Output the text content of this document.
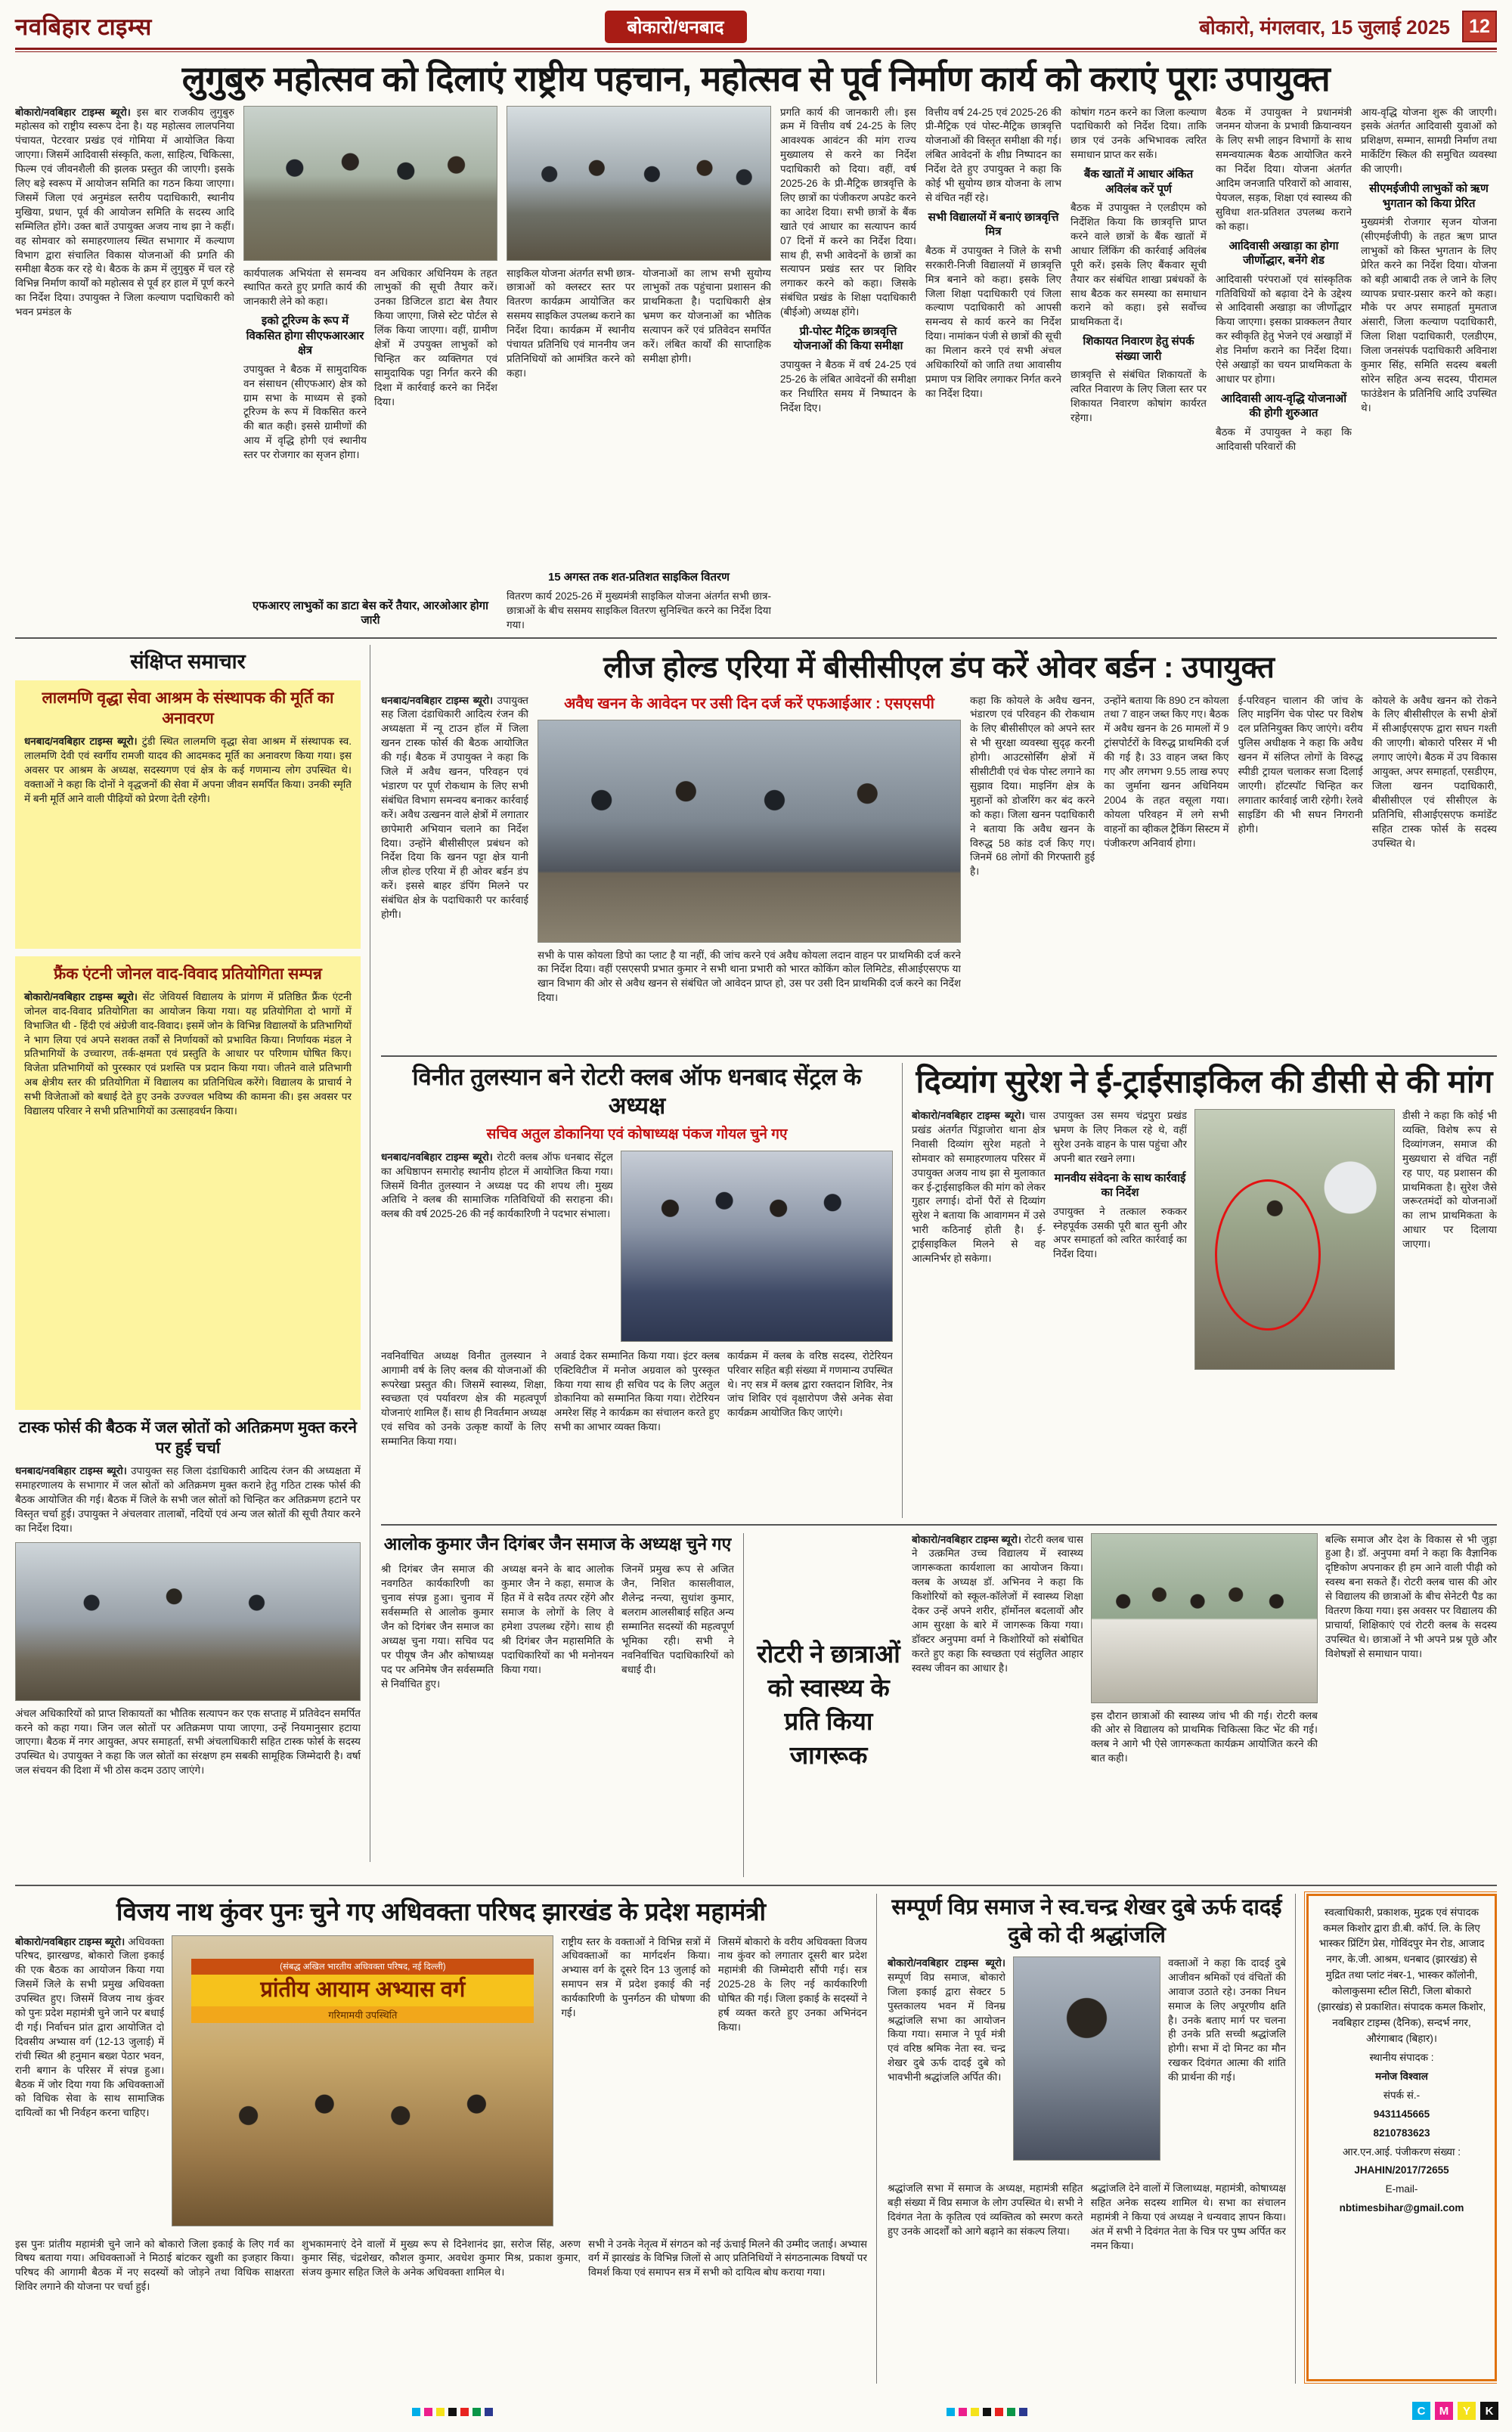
नवबिहार टाइम्स	बोकारो/धनबाद	बोकारो, मंगलवार, 15 जुलाई 2025	12
लुगुबुरु महोत्सव को दिलाएं राष्ट्रीय पहचान, महोत्सव से पूर्व निर्माण कार्य को कराएं पूराः उपायुक्त
बोकारो/नवबिहार टाइम्स ब्यूरो। इस बार राजकीय लुगुबुरु महोत्सव को राष्ट्रीय स्वरूप देना है। यह महोत्सव लालपनिया पंचायत, पेटरवार प्रखंड एवं गोमिया में आयोजित किया जाएगा। जिसमें आदिवासी संस्कृति, कला, साहित्य, चिकित्सा, फिल्म एवं जीवनशैली की झलक प्रस्तुत की जाएगी। इसके लिए बड़े स्वरूप में आयोजन समिति का गठन किया जाएगा। जिसमें जिला एवं अनुमंडल स्तरीय पदाधिकारी, स्थानीय मुखिया, प्रधान, पूर्व की आयोजन समिति के सदस्य आदि सम्मिलित होंगे। उक्त बातें उपायुक्त अजय नाथ झा ने कहीं। वह सोमवार को समाहरणालय स्थित सभागार में कल्याण विभाग द्वारा संचालित विकास योजनाओं की प्रगति की समीक्षा बैठक कर रहे थे। बैठक के क्रम में लुगुबुरु में चल रहे विभिन्न निर्माण कार्यों को महोत्सव से पूर्व हर हाल में पूर्ण करने का निर्देश दिया। उपायुक्त ने जिला कल्याण पदाधिकारी को भवन प्रमंडल के
कार्यपालक अभियंता से समन्वय स्थापित करते हुए प्रगति कार्य की जानकारी लेने को कहा।
इको टूरिज्म के रूप में विकसित होगा सीएफआरआर क्षेत्र
उपायुक्त ने बैठक में सामुदायिक वन संसाधन (सीएफआर) क्षेत्र को ग्राम सभा के माध्यम से इको टूरिज्म के रूप में विकसित करने की बात कही। इससे ग्रामीणों की आय में वृद्धि होगी एवं स्थानीय स्तर पर रोजगार का सृजन होगा।
वन अधिकार अधिनियम के तहत लाभुकों की सूची तैयार करें। उनका डिजिटल डाटा बेस तैयार किया जाएगा, जिसे स्टेट पोर्टल से लिंक किया जाएगा। वहीं, ग्रामीण क्षेत्रों में उपयुक्त लाभुकों को चिन्हित कर व्यक्तिगत एवं सामुदायिक पट्टा निर्गत करने की दिशा में कार्रवाई करने का निर्देश दिया।
एफआरए लाभुकों का डाटा बेस करें तैयार, आरओआर होगा जारी
साइकिल योजना अंतर्गत सभी छात्र-छात्राओं को क्लस्टर स्तर पर वितरण कार्यक्रम आयोजित कर ससमय साइकिल उपलब्ध कराने का निर्देश दिया। कार्यक्रम में स्थानीय पंचायत प्रतिनिधि एवं माननीय जन प्रतिनिधियों को आमंत्रित करने को कहा।
योजनाओं का लाभ सभी सुयोग्य लाभुकों तक पहुंचाना प्रशासन की प्राथमिकता है। पदाधिकारी क्षेत्र भ्रमण कर योजनाओं का भौतिक सत्यापन करें एवं प्रतिवेदन समर्पित करें। लंबित कार्यों की साप्ताहिक समीक्षा होगी।
15 अगस्त तक शत-प्रतिशत साइकिल वितरण
वितरण कार्य 2025-26 में मुख्यमंत्री साइकिल योजना अंतर्गत सभी छात्र-छात्राओं के बीच ससमय साइकिल वितरण सुनिश्चित करने का निर्देश दिया गया।
प्रगति कार्य की जानकारी ली। इस क्रम में वित्तीय वर्ष 24-25 के लिए आवश्यक आवंटन की मांग राज्य मुख्यालय से करने का निर्देश पदाधिकारी को दिया। वहीं, वर्ष 2025-26 के प्री-मैट्रिक छात्रवृत्ति के लिए छात्रों का पंजीकरण अपडेट करने का आदेश दिया। सभी छात्रों के बैंक खाते एवं आधार का सत्यापन कार्य 07 दिनों में करने का निर्देश दिया। साथ ही, सभी आवेदनों के छात्रों का सत्यापन प्रखंड स्तर पर शिविर लगाकर करने को कहा। जिसके संबंधित प्रखंड के शिक्षा पदाधिकारी (बीईओ) अध्यक्ष होंगे।
प्री-पोस्ट मैट्रिक छात्रवृत्ति योजनाओं की किया समीक्षा
उपायुक्त ने बैठक में वर्ष 24-25 एवं 25-26 के लंबित आवेदनों की समीक्षा कर निर्धारित समय में निष्पादन के निर्देश दिए।
वित्तीय वर्ष 24-25 एवं 2025-26 की प्री-मैट्रिक एवं पोस्ट-मैट्रिक छात्रवृत्ति योजनाओं की विस्तृत समीक्षा की गई। लंबित आवेदनों के शीघ्र निष्पादन का निर्देश देते हुए उपायुक्त ने कहा कि कोई भी सुयोग्य छात्र योजना के लाभ से वंचित नहीं रहे।
सभी विद्यालयों में बनाएं छात्रवृत्ति मित्र
बैठक में उपायुक्त ने जिले के सभी सरकारी-निजी विद्यालयों में छात्रवृत्ति मित्र बनाने को कहा। इसके लिए जिला शिक्षा पदाधिकारी एवं जिला कल्याण पदाधिकारी को आपसी समन्वय से कार्य करने का निर्देश दिया। नामांकन पंजी से छात्रों की सूची का मिलान करने एवं सभी अंचल अधिकारियों को जाति तथा आवासीय प्रमाण पत्र शिविर लगाकर निर्गत करने का निर्देश दिया।
कोषांग गठन करने का जिला कल्याण पदाधिकारी को निर्देश दिया। ताकि छात्र एवं उनके अभिभावक त्वरित समाधान प्राप्त कर सकें।
बैंक खातों में आधार अंकित अविलंब करें पूर्ण
बैठक में उपायुक्त ने एलडीएम को निर्देशित किया कि छात्रवृत्ति प्राप्त करने वाले छात्रों के बैंक खातों में आधार लिंकिंग की कार्रवाई अविलंब पूरी करें। इसके लिए बैंकवार सूची तैयार कर संबंधित शाखा प्रबंधकों के साथ बैठक कर समस्या का समाधान कराने को कहा। इसे सर्वोच्च प्राथमिकता दें।
शिकायत निवारण हेतु संपर्क संख्या जारी
छात्रवृत्ति से संबंधित शिकायतों के त्वरित निवारण के लिए जिला स्तर पर शिकायत निवारण कोषांग कार्यरत रहेगा।
बैठक में उपायुक्त ने प्रधानमंत्री जनमन योजना के प्रभावी क्रियान्वयन के लिए सभी लाइन विभागों के साथ समन्वयात्मक बैठक आयोजित करने का निर्देश दिया। योजना अंतर्गत आदिम जनजाति परिवारों को आवास, पेयजल, सड़क, शिक्षा एवं स्वास्थ्य की सुविधा शत-प्रतिशत उपलब्ध कराने को कहा।
आदिवासी अखाड़ा का होगा जीर्णोद्धार, बनेंगे शेड
आदिवासी परंपराओं एवं सांस्कृतिक गतिविधियों को बढ़ावा देने के उद्देश्य से आदिवासी अखाड़ा का जीर्णोद्धार किया जाएगा। इसका प्राक्कलन तैयार कर स्वीकृति हेतु भेजने एवं अखाड़ों में शेड निर्माण कराने का निर्देश दिया। ऐसे अखाड़ों का चयन प्राथमिकता के आधार पर होगा।
आदिवासी आय-वृद्धि योजनाओं की होगी शुरुआत
बैठक में उपायुक्त ने कहा कि आदिवासी परिवारों की
आय-वृद्धि योजना शुरू की जाएगी। इसके अंतर्गत आदिवासी युवाओं को प्रशिक्षण, सम्मान, सामग्री निर्माण तथा मार्केटिंग स्किल की समुचित व्यवस्था की जाएगी।
सीएमईजीपी लाभुकों को ऋण भुगतान को किया प्रेरित
मुख्यमंत्री रोजगार सृजन योजना (सीएमईजीपी) के तहत ऋण प्राप्त लाभुकों को किस्त भुगतान के लिए प्रेरित करने का निर्देश दिया। योजना को बड़ी आबादी तक ले जाने के लिए व्यापक प्रचार-प्रसार करने को कहा। मौके पर अपर समाहर्ता मुमताज अंसारी, जिला कल्याण पदाधिकारी, जिला शिक्षा पदाधिकारी, एलडीएम, जिला जनसंपर्क पदाधिकारी अविनाश कुमार सिंह, समिति सदस्य बबली सोरेन सहित अन्य सदस्य, पीरामल फाउंडेशन के प्रतिनिधि आदि उपस्थित थे।
संक्षिप्त समाचार
लालमणि वृद्धा सेवा आश्रम के संस्थापक की मूर्ति का अनावरण

धनबाद/नवबिहार टाइम्स ब्यूरो। टुंडी स्थित लालमणि वृद्धा सेवा आश्रम में संस्थापक स्व. लालमणि देवी एवं स्वर्गीय रामजी यादव की आदमकद मूर्ति का अनावरण किया गया। इस अवसर पर आश्रम के अध्यक्ष, सदस्यगण एवं क्षेत्र के कई गणमान्य लोग उपस्थित थे। वक्ताओं ने कहा कि दोनों ने वृद्धजनों की सेवा में अपना जीवन समर्पित किया। उनकी स्मृति में बनी मूर्ति आने वाली पीढ़ियों को प्रेरणा देती रहेगी।

फ्रैंक एंटनी जोनल वाद-विवाद प्रतियोगिता सम्पन्न

बोकारो/नवबिहार टाइम्स ब्यूरो। सेंट जेवियर्स विद्यालय के प्रांगण में प्रतिष्ठित फ्रैंक एंटनी जोनल वाद-विवाद प्रतियोगिता का आयोजन किया गया। यह प्रतियोगिता दो भागों में विभाजित थी - हिंदी एवं अंग्रेजी वाद-विवाद। इसमें जोन के विभिन्न विद्यालयों के प्रतिभागियों ने भाग लिया एवं अपने सशक्त तर्कों से निर्णायकों को प्रभावित किया। निर्णायक मंडल ने प्रतिभागियों के उच्चारण, तर्क-क्षमता एवं प्रस्तुति के आधार पर परिणाम घोषित किए। विजेता प्रतिभागियों को पुरस्कार एवं प्रशस्ति पत्र प्रदान किया गया। जीतने वाले प्रतिभागी अब क्षेत्रीय स्तर की प्रतियोगिता में विद्यालय का प्रतिनिधित्व करेंगे। विद्यालय के प्राचार्य ने सभी विजेताओं को बधाई देते हुए उनके उज्ज्वल भविष्य की कामना की। इस अवसर पर विद्यालय परिवार ने सभी प्रतिभागियों का उत्साहवर्धन किया।

टास्क फोर्स की बैठक में जल स्रोतों को अतिक्रमण मुक्त करने पर हुई चर्चा

धनबाद/नवबिहार टाइम्स ब्यूरो। उपायुक्त सह जिला दंडाधिकारी आदित्य रंजन की अध्यक्षता में समाहरणालय के सभागार में जल स्रोतों को अतिक्रमण मुक्त कराने हेतु गठित टास्क फोर्स की बैठक आयोजित की गई। बैठक में जिले के सभी जल स्रोतों को चिन्हित कर अतिक्रमण हटाने पर विस्तृत चर्चा हुई। उपायुक्त ने अंचलवार तालाबों, नदियों एवं अन्य जल स्रोतों की सूची तैयार करने का निर्देश दिया।

अंचल अधिकारियों को प्राप्त शिकायतों का भौतिक सत्यापन कर एक सप्ताह में प्रतिवेदन समर्पित करने को कहा गया। जिन जल स्रोतों पर अतिक्रमण पाया जाएगा, उन्हें नियमानुसार हटाया जाएगा। बैठक में नगर आयुक्त, अपर समाहर्ता, सभी अंचलाधिकारी सहित टास्क फोर्स के सदस्य उपस्थित थे। उपायुक्त ने कहा कि जल स्रोतों का संरक्षण हम सबकी सामूहिक जिम्मेदारी है। वर्षा जल संचयन की दिशा में भी ठोस कदम उठाए जाएंगे।

लीज होल्ड एरिया में बीसीसीएल डंप करें ओवर बर्डन : उपायुक्त
धनबाद/नवबिहार टाइम्स ब्यूरो। उपायुक्त सह जिला दंडाधिकारी आदित्य रंजन की अध्यक्षता में न्यू टाउन हॉल में जिला खनन टास्क फोर्स की बैठक आयोजित की गई। बैठक में उपायुक्त ने कहा कि जिले में अवैध खनन, परिवहन एवं भंडारण पर पूर्ण रोकथाम के लिए सभी संबंधित विभाग समन्वय बनाकर कार्रवाई करें। अवैध उत्खनन वाले क्षेत्रों में लगातार छापेमारी अभियान चलाने का निर्देश दिया। उन्होंने बीसीसीएल प्रबंधन को निर्देश दिया कि खनन पट्टा क्षेत्र यानी लीज होल्ड एरिया में ही ओवर बर्डन डंप करें। इससे बाहर डंपिंग मिलने पर संबंधित क्षेत्र के पदाधिकारी पर कार्रवाई होगी।
अवैध खनन के आवेदन पर उसी दिन दर्ज करें एफआईआर : एसएसपी
सभी के पास कोयला डिपो का प्लाट है या नहीं, की जांच करने एवं अवैध कोयला लदान वाहन पर प्राथमिकी दर्ज करने का निर्देश दिया। वहीं एसएसपी प्रभात कुमार ने सभी थाना प्रभारी को भारत कोकिंग कोल लिमिटेड, सीआईएसएफ या खान विभाग की ओर से अवैध खनन से संबंधित जो आवेदन प्राप्त हो, उस पर उसी दिन प्राथमिकी दर्ज करने का निर्देश दिया।
कहा कि कोयले के अवैध खनन, भंडारण एवं परिवहन की रोकथाम के लिए बीसीसीएल को अपने स्तर से भी सुरक्षा व्यवस्था सुदृढ़ करनी होगी। आउटसोर्सिंग क्षेत्रों में सीसीटीवी एवं चेक पोस्ट लगाने का सुझाव दिया। माइनिंग क्षेत्र के मुहानों को डोजरिंग कर बंद करने को कहा। जिला खनन पदाधिकारी ने बताया कि अवैध खनन के विरुद्ध 58 कांड दर्ज किए गए। जिनमें 68 लोगों की गिरफ्तारी हुई है।
उन्होंने बताया कि 890 टन कोयला तथा 7 वाहन जब्त किए गए। बैठक में अवैध खनन के 26 मामलों में 9 ट्रांसपोर्टरों के विरुद्ध प्राथमिकी दर्ज की गई है। 33 वाहन जब्त किए गए और लगभग 9.55 लाख रुपए का जुर्माना खनन अधिनियम 2004 के तहत वसूला गया। कोयला परिवहन में लगे सभी वाहनों का व्हीकल ट्रैकिंग सिस्टम में पंजीकरण अनिवार्य होगा।
ई-परिवहन चालान की जांच के लिए माइनिंग चेक पोस्ट पर विशेष दल प्रतिनियुक्त किए जाएंगे। वरीय पुलिस अधीक्षक ने कहा कि अवैध खनन में संलिप्त लोगों के विरुद्ध स्पीडी ट्रायल चलाकर सजा दिलाई जाएगी। हॉटस्पॉट चिन्हित कर लगातार कार्रवाई जारी रहेगी। रेलवे साइडिंग की भी सघन निगरानी होगी।
कोयले के अवैध खनन को रोकने के लिए बीसीसीएल के सभी क्षेत्रों में सीआईएसएफ द्वारा सघन गश्ती की जाएगी। बोकारो परिसर में भी लगाए जाएंगे। बैठक में उप विकास आयुक्त, अपर समाहर्ता, एसडीएम, जिला खनन पदाधिकारी, बीसीसीएल एवं सीसीएल के प्रतिनिधि, सीआईएसएफ कमांडेंट सहित टास्क फोर्स के सदस्य उपस्थित थे।
विनीत तुलस्यान बने रोटरी क्लब ऑफ धनबाद सेंट्रल के अध्यक्ष
सचिव अतुल डोकानिया एवं कोषाध्यक्ष पंकज गोयल चुने गए
धनबाद/नवबिहार टाइम्स ब्यूरो। रोटरी क्लब ऑफ धनबाद सेंट्रल का अधिष्ठापन समारोह स्थानीय होटल में आयोजित किया गया। जिसमें विनीत तुलस्यान ने अध्यक्ष पद की शपथ ली। मुख्य अतिथि ने क्लब की सामाजिक गतिविधियों की सराहना की। क्लब की वर्ष 2025-26 की नई कार्यकारिणी ने पदभार संभाला।
नवनिर्वाचित अध्यक्ष विनीत तुलस्यान ने आगामी वर्ष के लिए क्लब की योजनाओं की रूपरेखा प्रस्तुत की। जिसमें स्वास्थ्य, शिक्षा, स्वच्छता एवं पर्यावरण क्षेत्र की महत्वपूर्ण योजनाएं शामिल हैं। साथ ही निवर्तमान अध्यक्ष एवं सचिव को उनके उत्कृष्ट कार्यों के लिए सम्मानित किया गया।
अवार्ड देकर सम्मानित किया गया। इंटर क्लब एक्टिविटीज में मनोज अग्रवाल को पुरस्कृत किया गया साथ ही सचिव पद के लिए अतुल डोकानिया को सम्मानित किया गया। रोटेरियन अमरेश सिंह ने कार्यक्रम का संचालन करते हुए सभी का आभार व्यक्त किया।
कार्यक्रम में क्लब के वरिष्ठ सदस्य, रोटेरियन परिवार सहित बड़ी संख्या में गणमान्य उपस्थित थे। नए सत्र में क्लब द्वारा रक्तदान शिविर, नेत्र जांच शिविर एवं वृक्षारोपण जैसे अनेक सेवा कार्यक्रम आयोजित किए जाएंगे।
दिव्यांग सुरेश ने ई-ट्राईसाइकिल की डीसी से की मांग
बोकारो/नवबिहार टाइम्स ब्यूरो। चास प्रखंड अंतर्गत पिंड्राजोरा थाना क्षेत्र निवासी दिव्यांग सुरेश महतो ने सोमवार को समाहरणालय परिसर में उपायुक्त अजय नाथ झा से मुलाकात कर ई-ट्राईसाइकिल की मांग को लेकर गुहार लगाई। दोनों पैरों से दिव्यांग सुरेश ने बताया कि आवागमन में उसे भारी कठिनाई होती है। ई-ट्राईसाइकिल मिलने से वह आत्मनिर्भर हो सकेगा।
उपायुक्त उस समय चंद्रपुरा प्रखंड भ्रमण के लिए निकल रहे थे, वहीं सुरेश उनके वाहन के पास पहुंचा और अपनी बात रखने लगा।
मानवीय संवेदना के साथ कार्रवाई का निर्देश
उपायुक्त ने तत्काल रुककर स्नेहपूर्वक उसकी पूरी बात सुनी और अपर समाहर्ता को त्वरित कार्रवाई का निर्देश दिया।
डीसी ने कहा कि कोई भी व्यक्ति, विशेष रूप से दिव्यांगजन, समाज की मुख्यधारा से वंचित नहीं रह पाए, यह प्रशासन की प्राथमिकता है। सुरेश जैसे जरूरतमंदों को योजनाओं का लाभ प्राथमिकता के आधार पर दिलाया जाएगा।
आलोक कुमार जैन दिगंबर जैन समाज के अध्यक्ष चुने गए
श्री दिगंबर जैन समाज की नवगठित कार्यकारिणी का चुनाव संपन्न हुआ। चुनाव में सर्वसम्मति से आलोक कुमार जैन को दिगंबर जैन समाज का अध्यक्ष चुना गया। सचिव पद पर पीयूष जैन और कोषाध्यक्ष पद पर अनिमेष जैन सर्वसम्मति से निर्वाचित हुए।
अध्यक्ष बनने के बाद आलोक कुमार जैन ने कहा, समाज के हित में वे सदैव तत्पर रहेंगे और समाज के लोगों के लिए वे हमेशा उपलब्ध रहेंगे। साथ ही श्री दिगंबर जैन महासमिति के पदाधिकारियों का भी मनोनयन किया गया।
जिनमें प्रमुख रूप से अजित जैन, निशित कासलीवाल, शैलेन्द्र नन्त्या, सुधांश कुमार, बलराम आलसीबाई सहित अन्य सम्मानित सदस्यों की महत्वपूर्ण भूमिका रही। सभी ने नवनिर्वाचित पदाधिकारियों को बधाई दी।
रोटरी ने छात्राओं को स्वास्थ्य के प्रति किया जागरूक
बोकारो/नवबिहार टाइम्स ब्यूरो। रोटरी क्लब चास ने उत्क्रमित उच्च विद्यालय में स्वास्थ्य जागरूकता कार्यशाला का आयोजन किया। क्लब के अध्यक्ष डॉ. अभिनव ने कहा कि किशोरियों को स्कूल-कॉलेजों में स्वास्थ्य शिक्षा देकर उन्हें अपने शरीर, हॉर्मोनल बदलावों और आम सुरक्षा के बारे में जागरूक किया गया। डॉक्टर अनुपमा वर्मा ने किशोरियों को संबोधित करते हुए कहा कि स्वच्छता एवं संतुलित आहार स्वस्थ जीवन का आधार है।
इस दौरान छात्राओं की स्वास्थ्य जांच भी की गई। रोटरी क्लब की ओर से विद्यालय को प्राथमिक चिकित्सा किट भेंट की गई। क्लब ने आगे भी ऐसे जागरूकता कार्यक्रम आयोजित करने की बात कही।
बल्कि समाज और देश के विकास से भी जुड़ा हुआ है। डॉ. अनुपमा वर्मा ने कहा कि वैज्ञानिक दृष्टिकोण अपनाकर ही हम आने वाली पीढ़ी को स्वस्थ बना सकते हैं। रोटरी क्लब चास की ओर से विद्यालय की छात्राओं के बीच सेनेटरी पैड का वितरण किया गया। इस अवसर पर विद्यालय की प्राचार्या, शिक्षिकाएं एवं रोटरी क्लब के सदस्य उपस्थित थे। छात्राओं ने भी अपने प्रश्न पूछे और विशेषज्ञों से समाधान पाया।
विजय नाथ कुंवर पुनः चुने गए अधिवक्ता परिषद झारखंड के प्रदेश महामंत्री
बोकारो/नवबिहार टाइम्स ब्यूरो। अधिवक्ता परिषद, झारखण्ड, बोकारो जिला इकाई की एक बैठक का आयोजन किया गया जिसमें जिले के सभी प्रमुख अधिवक्ता उपस्थित हुए। जिसमें विजय नाथ कुंवर को पुनः प्रदेश महामंत्री चुने जाने पर बधाई दी गई। निर्वाचन प्रांत द्वारा आयोजित दो दिवसीय अभ्यास वर्ग (12-13 जुलाई) में रांची स्थित श्री हनुमान बख्श पेठार भवन, रानी बगान के परिसर में संपन्न हुआ। बैठक में जोर दिया गया कि अधिवक्ताओं को विधिक सेवा के साथ सामाजिक दायित्वों का भी निर्वहन करना चाहिए।
(संबद्ध अखिल भारतीय अधिवक्ता परिषद, नई दिल्ली)
प्रांतीय आयाम अभ्यास वर्ग
गरिमामयी उपस्थिति
राष्ट्रीय स्तर के वक्ताओं ने विभिन्न सत्रों में अधिवक्ताओं का मार्गदर्शन किया। अभ्यास वर्ग के दूसरे दिन 13 जुलाई को समापन सत्र में प्रदेश इकाई की नई कार्यकारिणी के पुनर्गठन की घोषणा की गई।
जिसमें बोकारो के वरीय अधिवक्ता विजय नाथ कुंवर को लगातार दूसरी बार प्रदेश महामंत्री की जिम्मेदारी सौंपी गई। सत्र 2025-28 के लिए नई कार्यकारिणी घोषित की गई। जिला इकाई के सदस्यों ने हर्ष व्यक्त करते हुए उनका अभिनंदन किया।
इस पुनः प्रांतीय महामंत्री चुने जाने को बोकारो जिला इकाई के लिए गर्व का विषय बताया गया। अधिवक्ताओं ने मिठाई बांटकर खुशी का इजहार किया। परिषद की आगामी बैठक में नए सदस्यों को जोड़ने तथा विधिक साक्षरता शिविर लगाने की योजना पर चर्चा हुई।
शुभकामनाएं देने वालों में मुख्य रूप से दिनेशानंद झा, सरोज सिंह, अरुण कुमार सिंह, चंद्रशेखर, कौशल कुमार, अवधेश कुमार मिश्र, प्रकाश कुमार, संजय कुमार सहित जिले के अनेक अधिवक्ता शामिल थे।
सभी ने उनके नेतृत्व में संगठन को नई ऊंचाई मिलने की उम्मीद जताई। अभ्यास वर्ग में झारखंड के विभिन्न जिलों से आए प्रतिनिधियों ने संगठनात्मक विषयों पर विमर्श किया एवं समापन सत्र में सभी को दायित्व बोध कराया गया।
सम्पूर्ण विप्र समाज ने स्व.चन्द्र शेखर दुबे ऊर्फ दादई दुबे को दी श्रद्धांजलि
बोकारो/नवबिहार टाइम्स ब्यूरो। सम्पूर्ण विप्र समाज, बोकारो जिला इकाई द्वारा सेक्टर 5 पुस्तकालय भवन में विनम्र श्रद्धांजलि सभा का आयोजन किया गया। समाज ने पूर्व मंत्री एवं वरिष्ठ श्रमिक नेता स्व. चन्द्र शेखर दुबे ऊर्फ दादई दुबे को भावभीनी श्रद्धांजलि अर्पित की।
वक्ताओं ने कहा कि दादई दुबे आजीवन श्रमिकों एवं वंचितों की आवाज उठाते रहे। उनका निधन समाज के लिए अपूरणीय क्षति है। उनके बताए मार्ग पर चलना ही उनके प्रति सच्ची श्रद्धांजलि होगी। सभा में दो मिनट का मौन रखकर दिवंगत आत्मा की शांति की प्रार्थना की गई।
श्रद्धांजलि सभा में समाज के अध्यक्ष, महामंत्री सहित बड़ी संख्या में विप्र समाज के लोग उपस्थित थे। सभी ने दिवंगत नेता के कृतित्व एवं व्यक्तित्व को स्मरण करते हुए उनके आदर्शों को आगे बढ़ाने का संकल्प लिया।
श्रद्धांजलि देने वालों में जिलाध्यक्ष, महामंत्री, कोषाध्यक्ष सहित अनेक सदस्य शामिल थे। सभा का संचालन महामंत्री ने किया एवं अध्यक्ष ने धन्यवाद ज्ञापन किया। अंत में सभी ने दिवंगत नेता के चित्र पर पुष्प अर्पित कर नमन किया।
स्वत्वाधिकारी, प्रकाशक, मुद्रक एवं संपादक कमल किशोर द्वारा डी.बी. कॉर्प. लि. के लिए भास्कर प्रिंटिंग प्रेस, गोविंदपुर मेन रोड, आजाद नगर, के.जी. आश्रम, धनबाद (झारखंड) से मुद्रित तथा प्लांट नंबर-1, भास्कर कॉलोनी, कोलाकुसमा स्टील सिटी, जिला बोकारो (झारखंड) से प्रकाशित। संपादक कमल किशोर, नवबिहार टाइम्स (दैनिक), सन्दर्भ नगर, औरंगाबाद (बिहार)।
स्थानीय संपादक :
मनोज विश्वाल
संपर्क सं.-
9431145665
8210783623
आर.एन.आई. पंजीकरण संख्या :
JHAHIN/2017/72655
E-mail-
nbtimesbihar@gmail.com
C	M	Y	K
